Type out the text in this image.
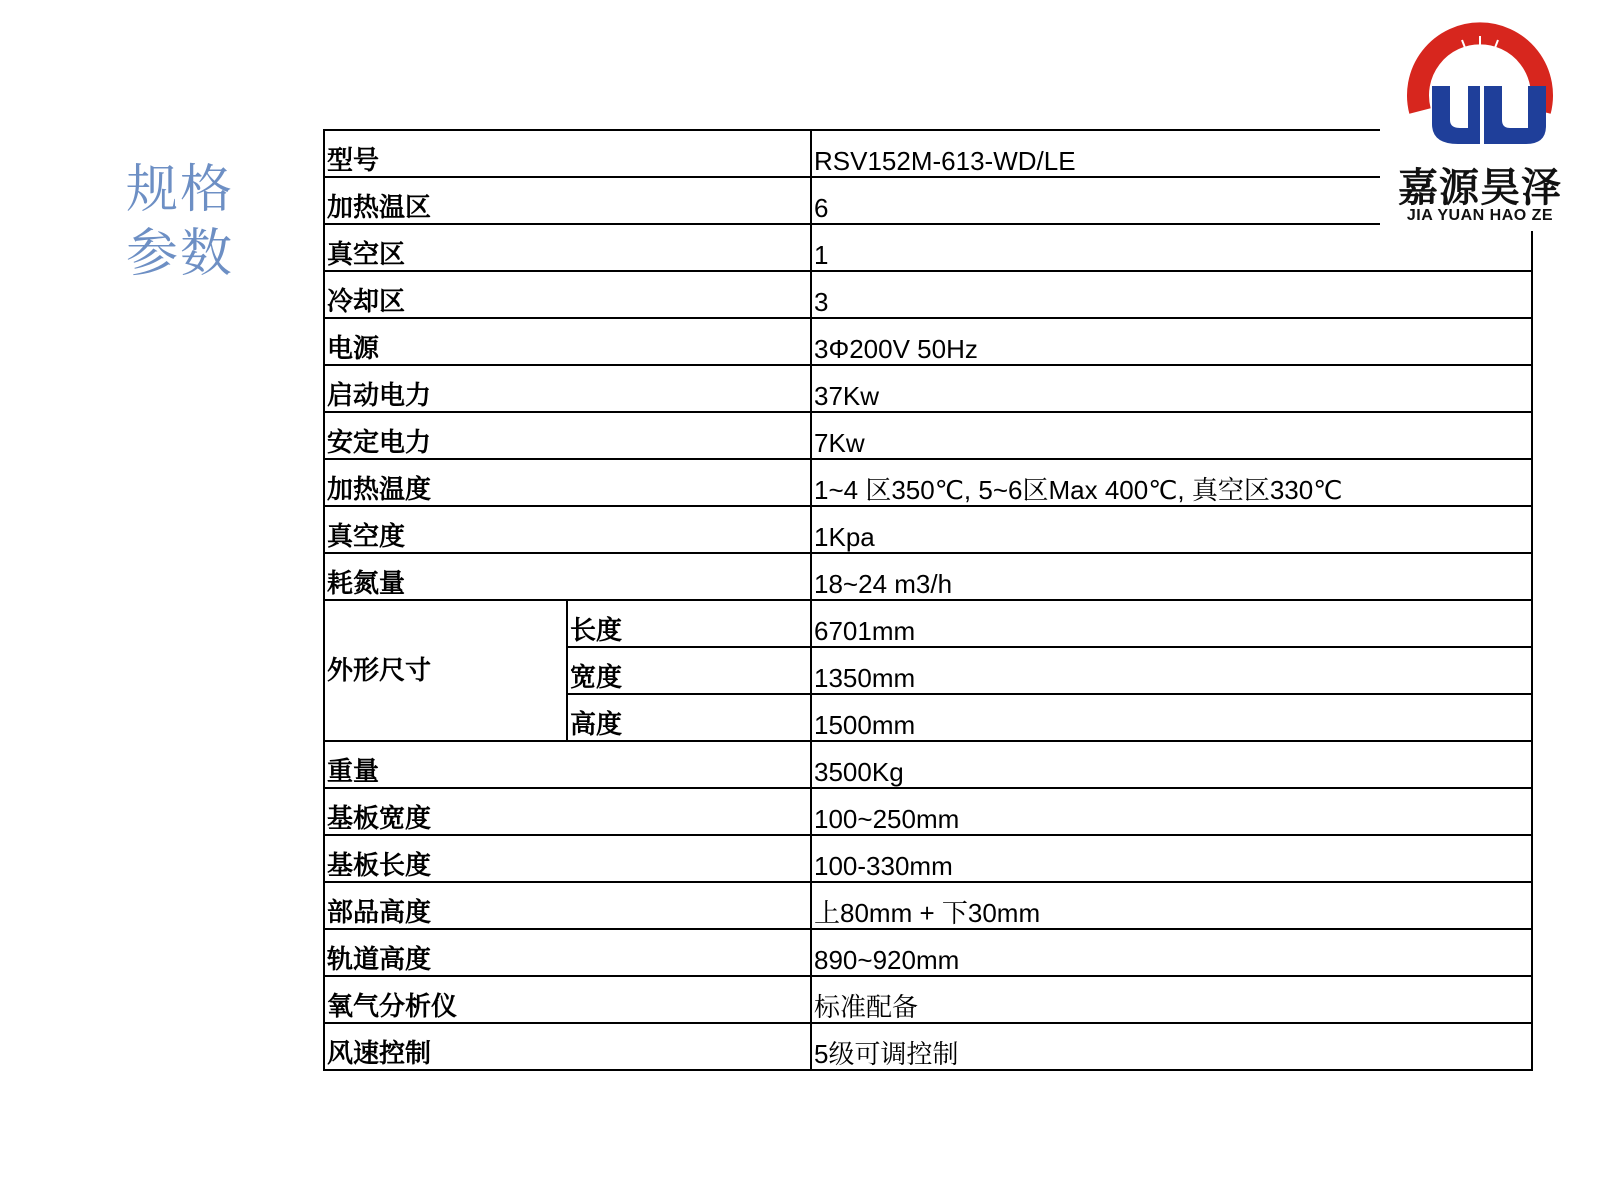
规格
参数
型号		RSV152M-613-WD/LE
加热温区		6
真空区		1
冷却区		3
电源		3Φ200V 50Hz
启动电力		37Kw
安定电力		7Kw
加热温度		1~4 区350℃, 5~6区Max 400℃, 真空区330℃
真空度		1Kpa
耗氮量		18~24 m3/h
外形尺寸	长度	6701mm
	宽度	1350mm
	高度	1500mm
重量		3500Kg
基板宽度		100~250mm
基板长度		100-330mm
部品高度		上80mm + 下30mm
轨道高度		890~920mm
氧气分析仪		标准配备
风速控制		5级可调控制
嘉源昊泽
JIA YUAN HAO ZE
